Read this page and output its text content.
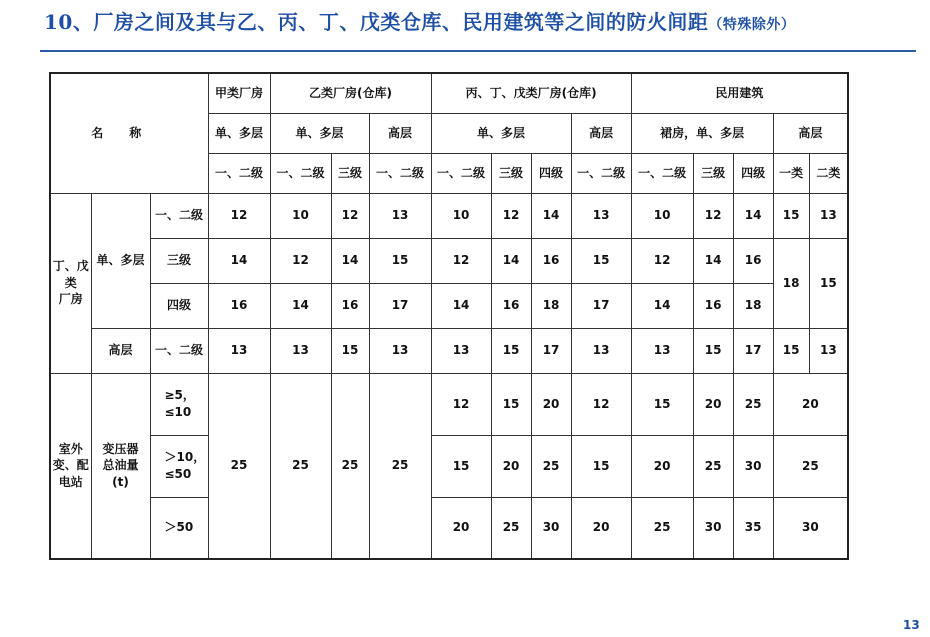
10、厂房之间及其与乙、丙、丁、戊类仓库、民用建筑等之间的防火间距（特殊除外）
名称			甲类厂房	乙类厂房(仓库)			丙、丁、戊类厂房(仓库)				民用建筑				
			单、多层	单、多层		高层	单、多层			高层	裙房，单、多层			高层	
			一、二级	一、二级	三级	一、二级	一、二级	三级	四级	一、二级	一、二级	三级	四级	一类	二类

丁、戊
类
厂房	单、多层	一、二级	12	10	12	13	10	12	14	13	10	12	14	15	13
		三级	14	12	14	15	12	14	16	15	12	14	16	18	15
		四级	16	14	16	17	14	16	18	17	14	16	18		
	高层	一、二级	13	13	15	13	13	15	17	13	13	15	17	15	13

室外
变、配
电站	变压器
总油量
(t)	≥5，
≤10	25	25	25	25	12	15	20	12	15	20	25	20	

		＞10，
≤50					15	20	25	15	20	25	30	25	
		＞50					20	25	30	20	25	30	35	30	
13
